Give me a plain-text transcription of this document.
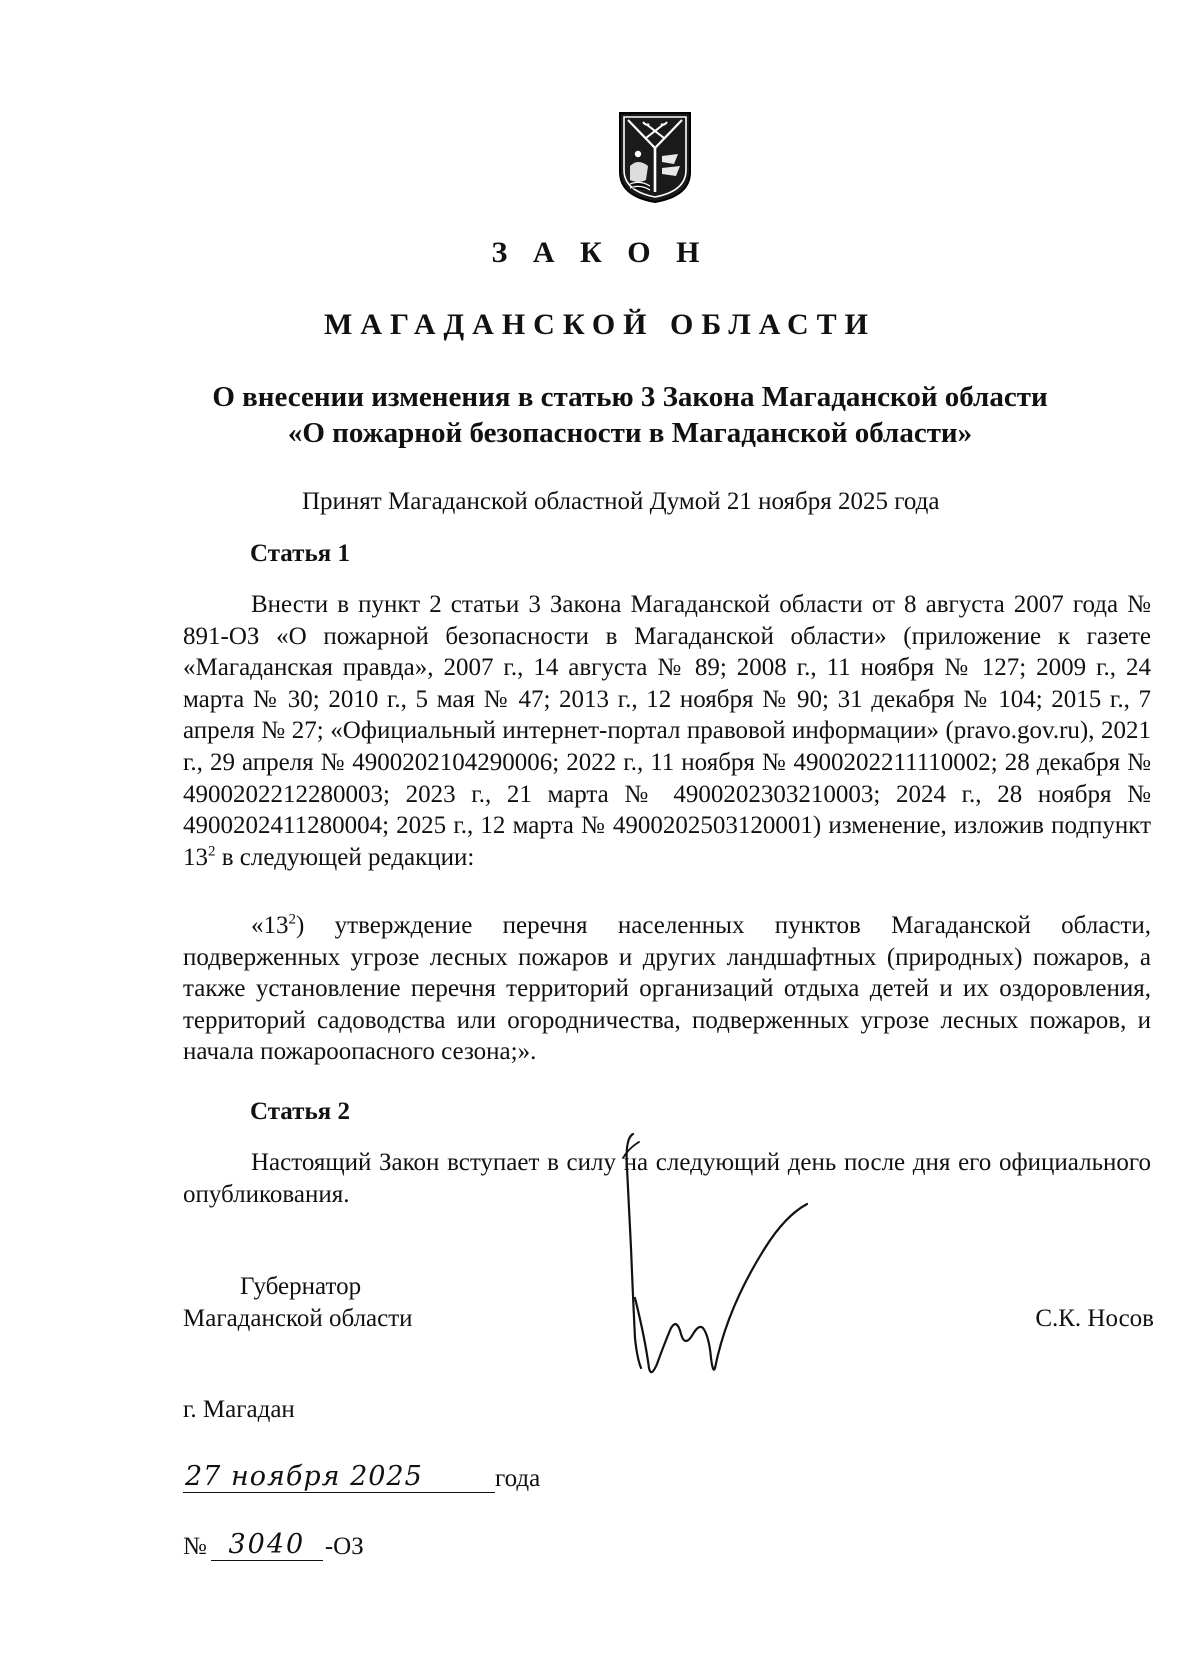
З А К О Н
МАГАДАНСКОЙ ОБЛАСТИ
О внесении изменения в статью 3 Закона Магаданской области
«О пожарной безопасности в Магаданской области»
Принят Магаданской областной Думой 21 ноября 2025 года
Статья 1
Внести в пункт 2 статьи 3 Закона Магаданской области от 8 августа 2007 года № 891-ОЗ «О пожарной безопасности в Магаданской области» (приложение к газете «Магаданская правда», 2007 г., 14 августа № 89; 2008 г., 11 ноября № 127; 2009 г., 24 марта № 30; 2010 г., 5 мая № 47; 2013 г., 12 ноября № 90; 31 декабря № 104; 2015 г., 7 апреля № 27; «Официальный интернет-портал правовой информации» (pravo.gov.ru), 2021 г., 29 апреля № 4900202104290006; 2022 г., 11 ноября № 4900202211110002; 28 декабря № 4900202212280003; 2023 г., 21 марта № 4900202303210003; 2024 г., 28 ноября № 4900202411280004; 2025 г., 12 марта № 4900202503120001) изменение, изложив подпункт $13^2$ в следующей редакции:
«$13^2$) утверждение перечня населенных пунктов Магаданской области, подверженных угрозе лесных пожаров и других ландшафтных (природных) пожаров, а также установление перечня территорий организаций отдыха детей и их оздоровления, территорий садоводства или огородничества, подверженных угрозе лесных пожаров, и начала пожароопасного сезона;».
Статья 2
Настоящий Закон вступает в силу на следующий день после дня его официального опубликования.
Губернатор
Магаданской области	С.К. Носов
г. Магадан
27 ноября 2025	года
№ 3040 -ОЗ
